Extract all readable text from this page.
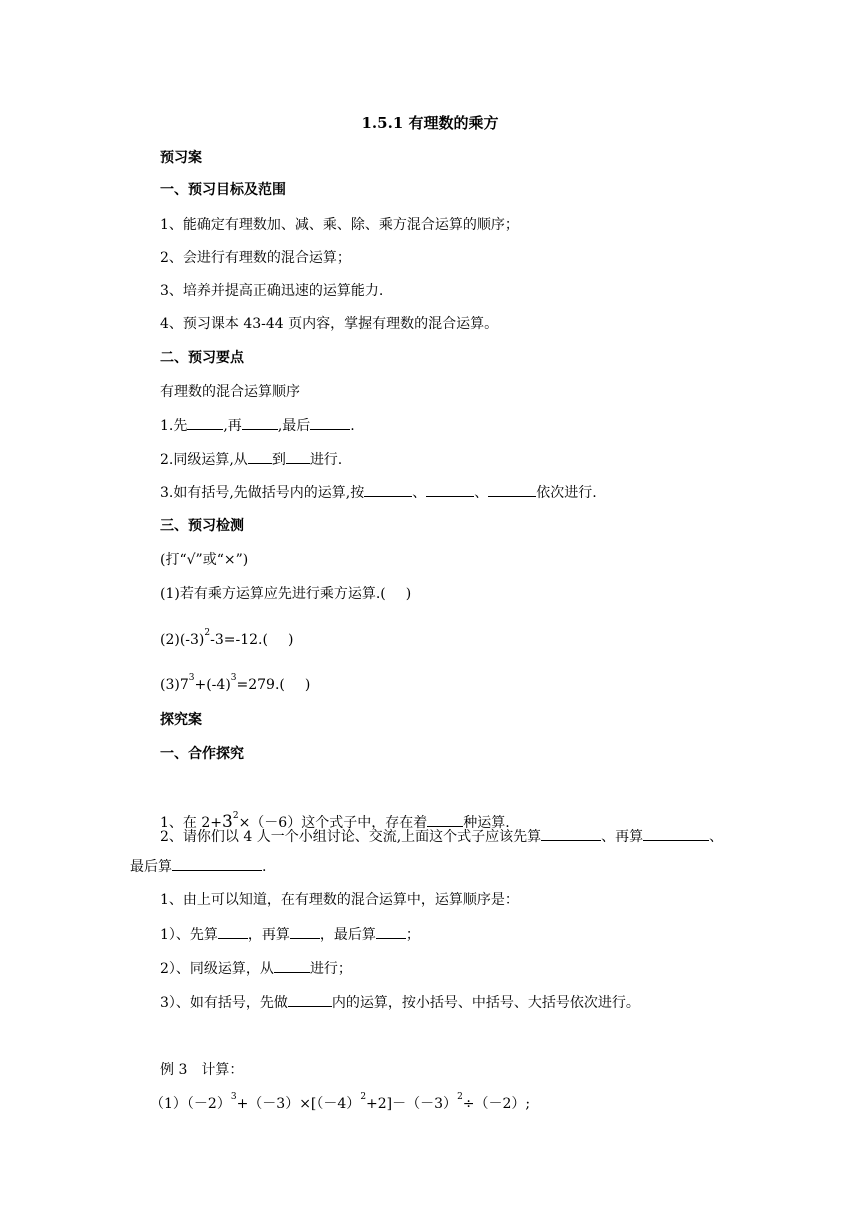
1.5.1 有理数的乘方
预习案
一、预习目标及范围
1、能确定有理数加、减、乘、除、乘方混合运算的顺序；
2、会进行有理数的混合运算；
3、培养并提高正确迅速的运算能力.
4、预习课本 43-44 页内容，掌握有理数的混合运算。
二、预习要点
有理数的混合运算顺序
1.先	,再	,最后	.
2.同级运算,从 到 进行.
3.如有括号,先做括号内的运算,按	、	、	依次进行.
三、预习检测
(打“√”或“×”)
(1)若有乘方运算应先进行乘方运算.( )
$(2)(-3)^2-3=-12$.( )
$(3)7^3+(-4)^3=279$.( )
探究案
一、合作探究
1、在 $2+3^2\times(-6)$这个式子中，存在着	种运算.
2、请你们以 4 人一个小组讨论、交流,上面这个式子应该先算	、再算	、
最后算	.
1、由上可以知道，在有理数的混合运算中，运算顺序是：
1）、先算 ，再算 ，最后算 ；
2）、同级运算，从	进行；
3）、如有括号，先做	内的运算，按小括号、中括号、大括号依次进行。
例 3　计算：
$(1)(-2)^3+(-3)\times[(-4)^2+2]-(-3)^2\div(-2)$;
